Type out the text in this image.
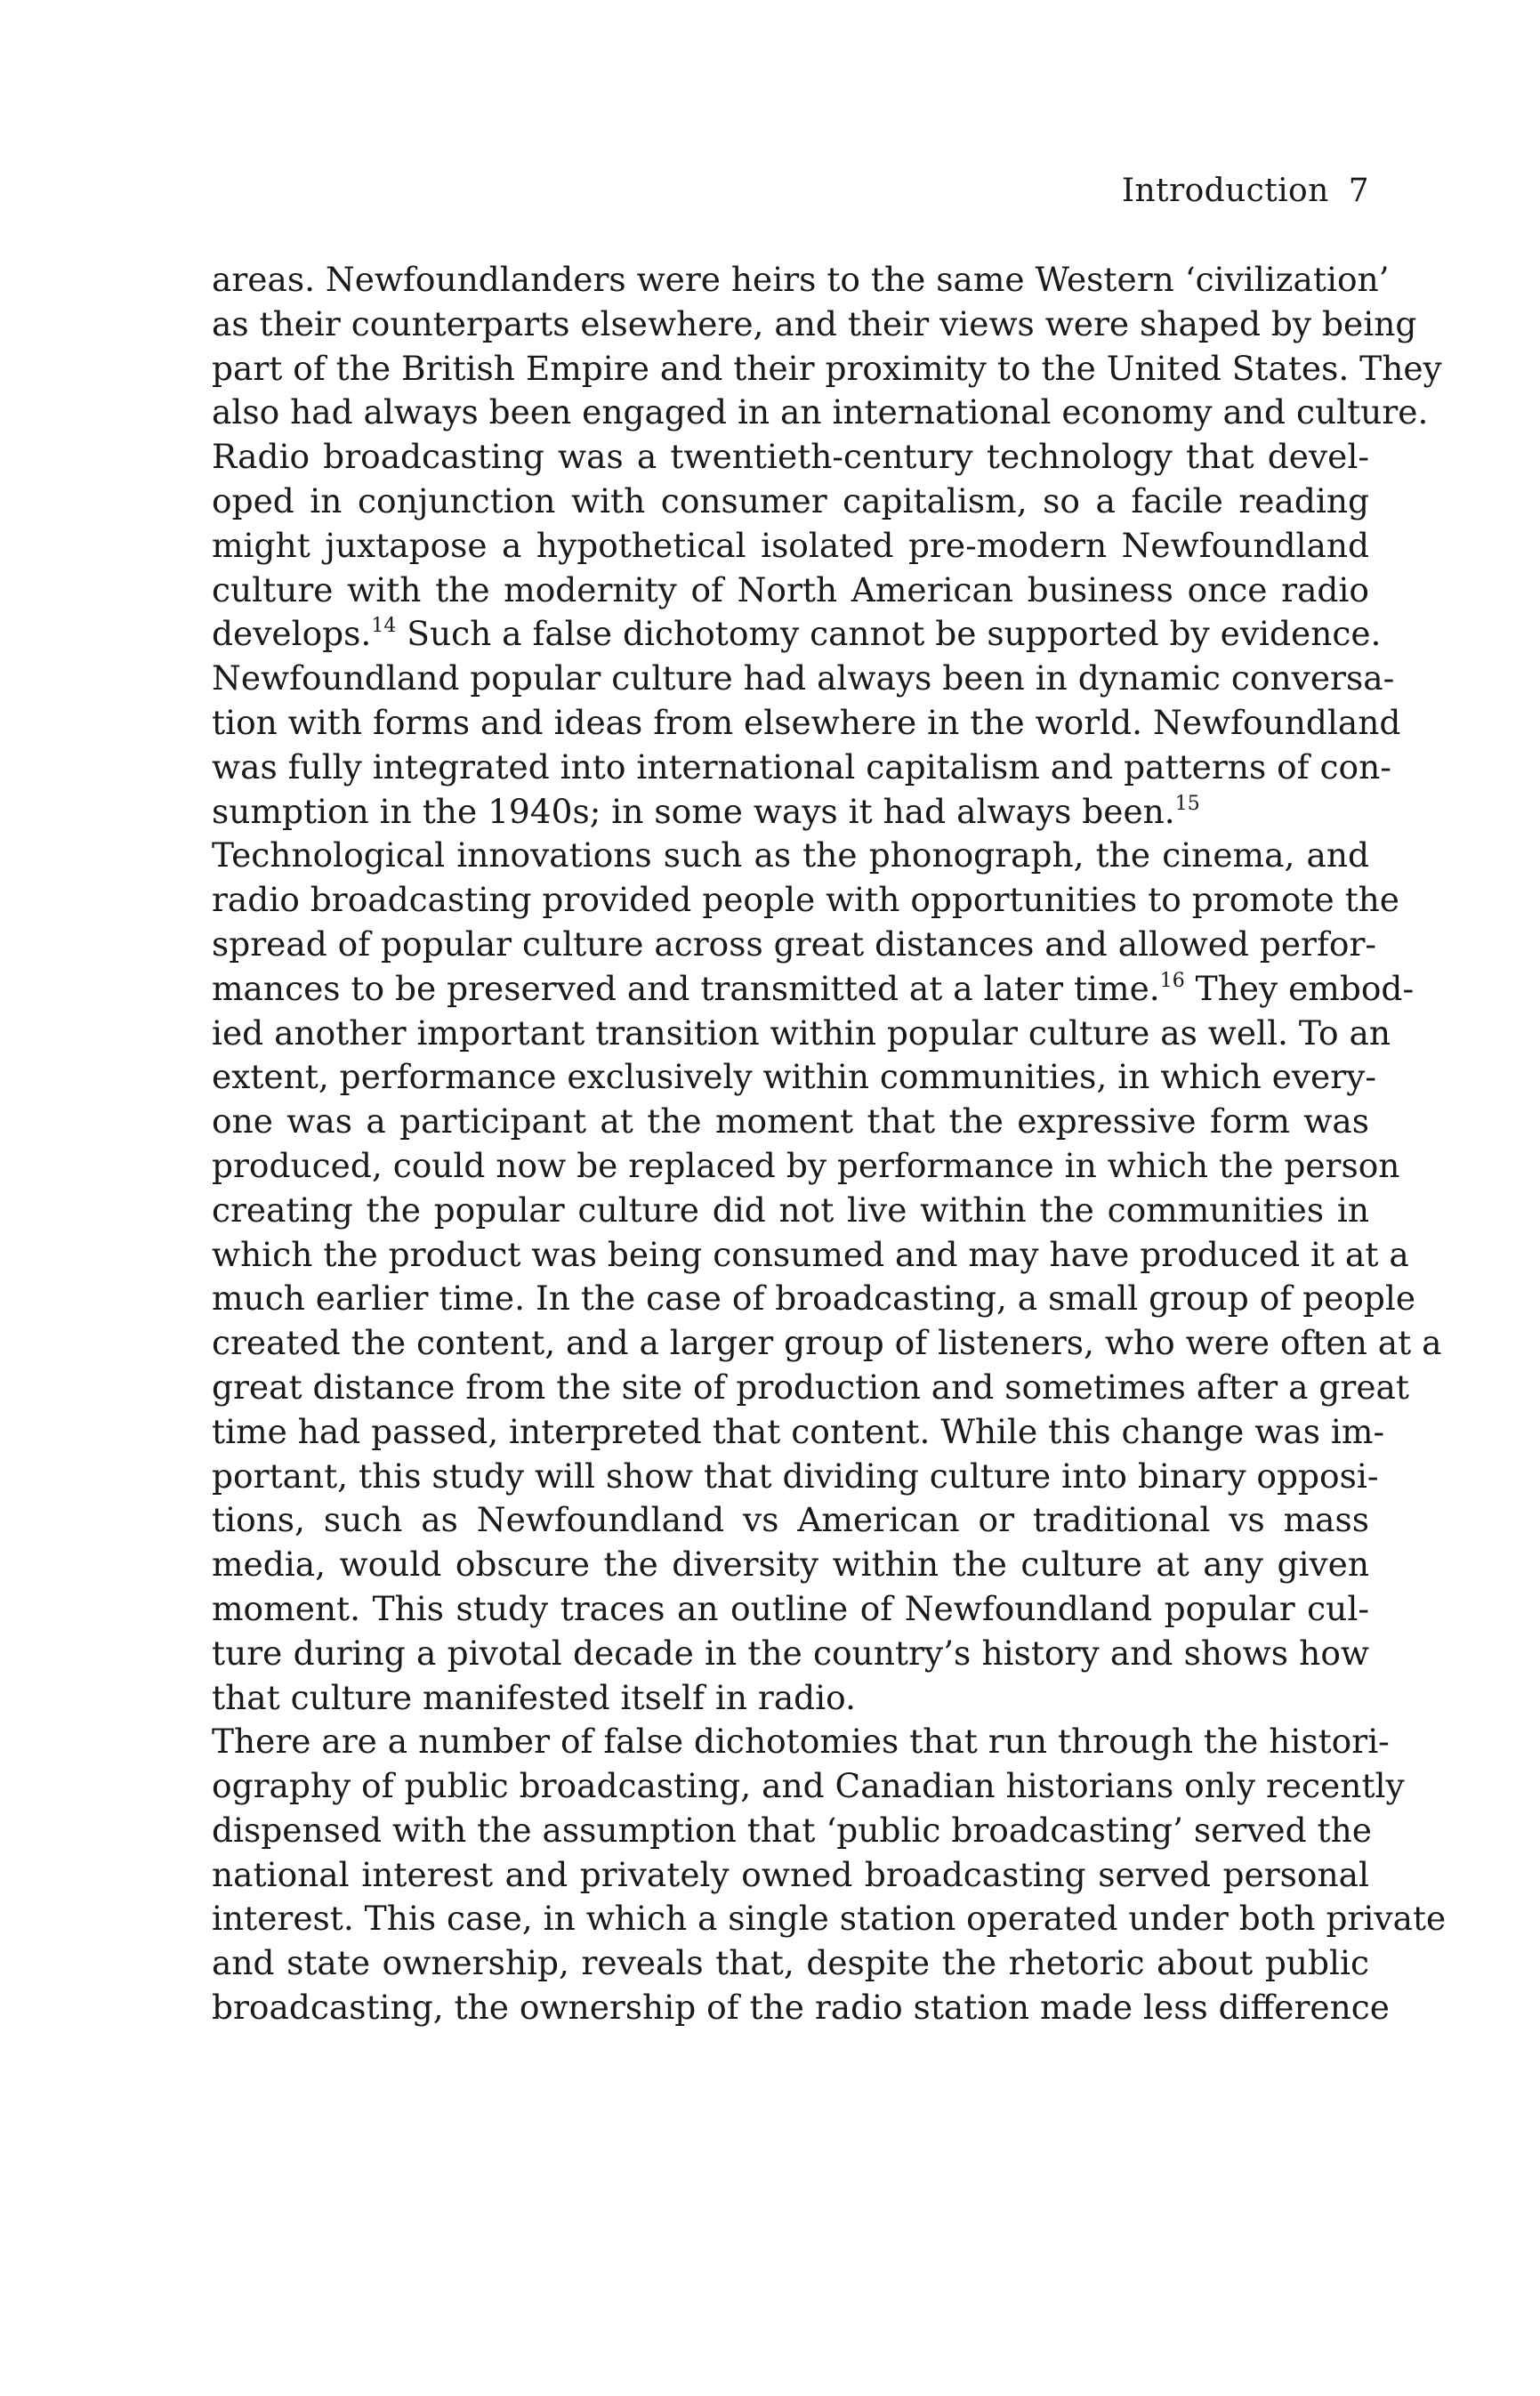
Introduction 7
areas. Newfoundlanders were heirs to the same Western ‘civilization’
as their counterparts elsewhere, and their views were shaped by being
part of the British Empire and their proximity to the United States. They
also had always been engaged in an international economy and culture.
Radio broadcasting was a twentieth-century technology that devel-
oped in conjunction with consumer capitalism, so a facile reading
might juxtapose a hypothetical isolated pre-modern Newfoundland
culture with the modernity of North American business once radio
develops.$^{14}$ Such a false dichotomy cannot be supported by evidence.
Newfoundland popular culture had always been in dynamic conversa-
tion with forms and ideas from elsewhere in the world. Newfoundland
was fully integrated into international capitalism and patterns of con-
sumption in the 1940s; in some ways it had always been.$^{15}$
Technological innovations such as the phonograph, the cinema, and
radio broadcasting provided people with opportunities to promote the
spread of popular culture across great distances and allowed perfor-
mances to be preserved and transmitted at a later time.$^{16}$ They embod-
ied another important transition within popular culture as well. To an
extent, performance exclusively within communities, in which every-
one was a participant at the moment that the expressive form was
produced, could now be replaced by performance in which the person
creating the popular culture did not live within the communities in
which the product was being consumed and may have produced it at a
much earlier time. In the case of broadcasting, a small group of people
created the content, and a larger group of listeners, who were often at a
great distance from the site of production and sometimes after a great
time had passed, interpreted that content. While this change was im-
portant, this study will show that dividing culture into binary opposi-
tions, such as Newfoundland vs American or traditional vs mass
media, would obscure the diversity within the culture at any given
moment. This study traces an outline of Newfoundland popular cul-
ture during a pivotal decade in the country’s history and shows how
that culture manifested itself in radio.
There are a number of false dichotomies that run through the histori-
ography of public broadcasting, and Canadian historians only recently
dispensed with the assumption that ‘public broadcasting’ served the
national interest and privately owned broadcasting served personal
interest. This case, in which a single station operated under both private
and state ownership, reveals that, despite the rhetoric about public
broadcasting, the ownership of the radio station made less difference
